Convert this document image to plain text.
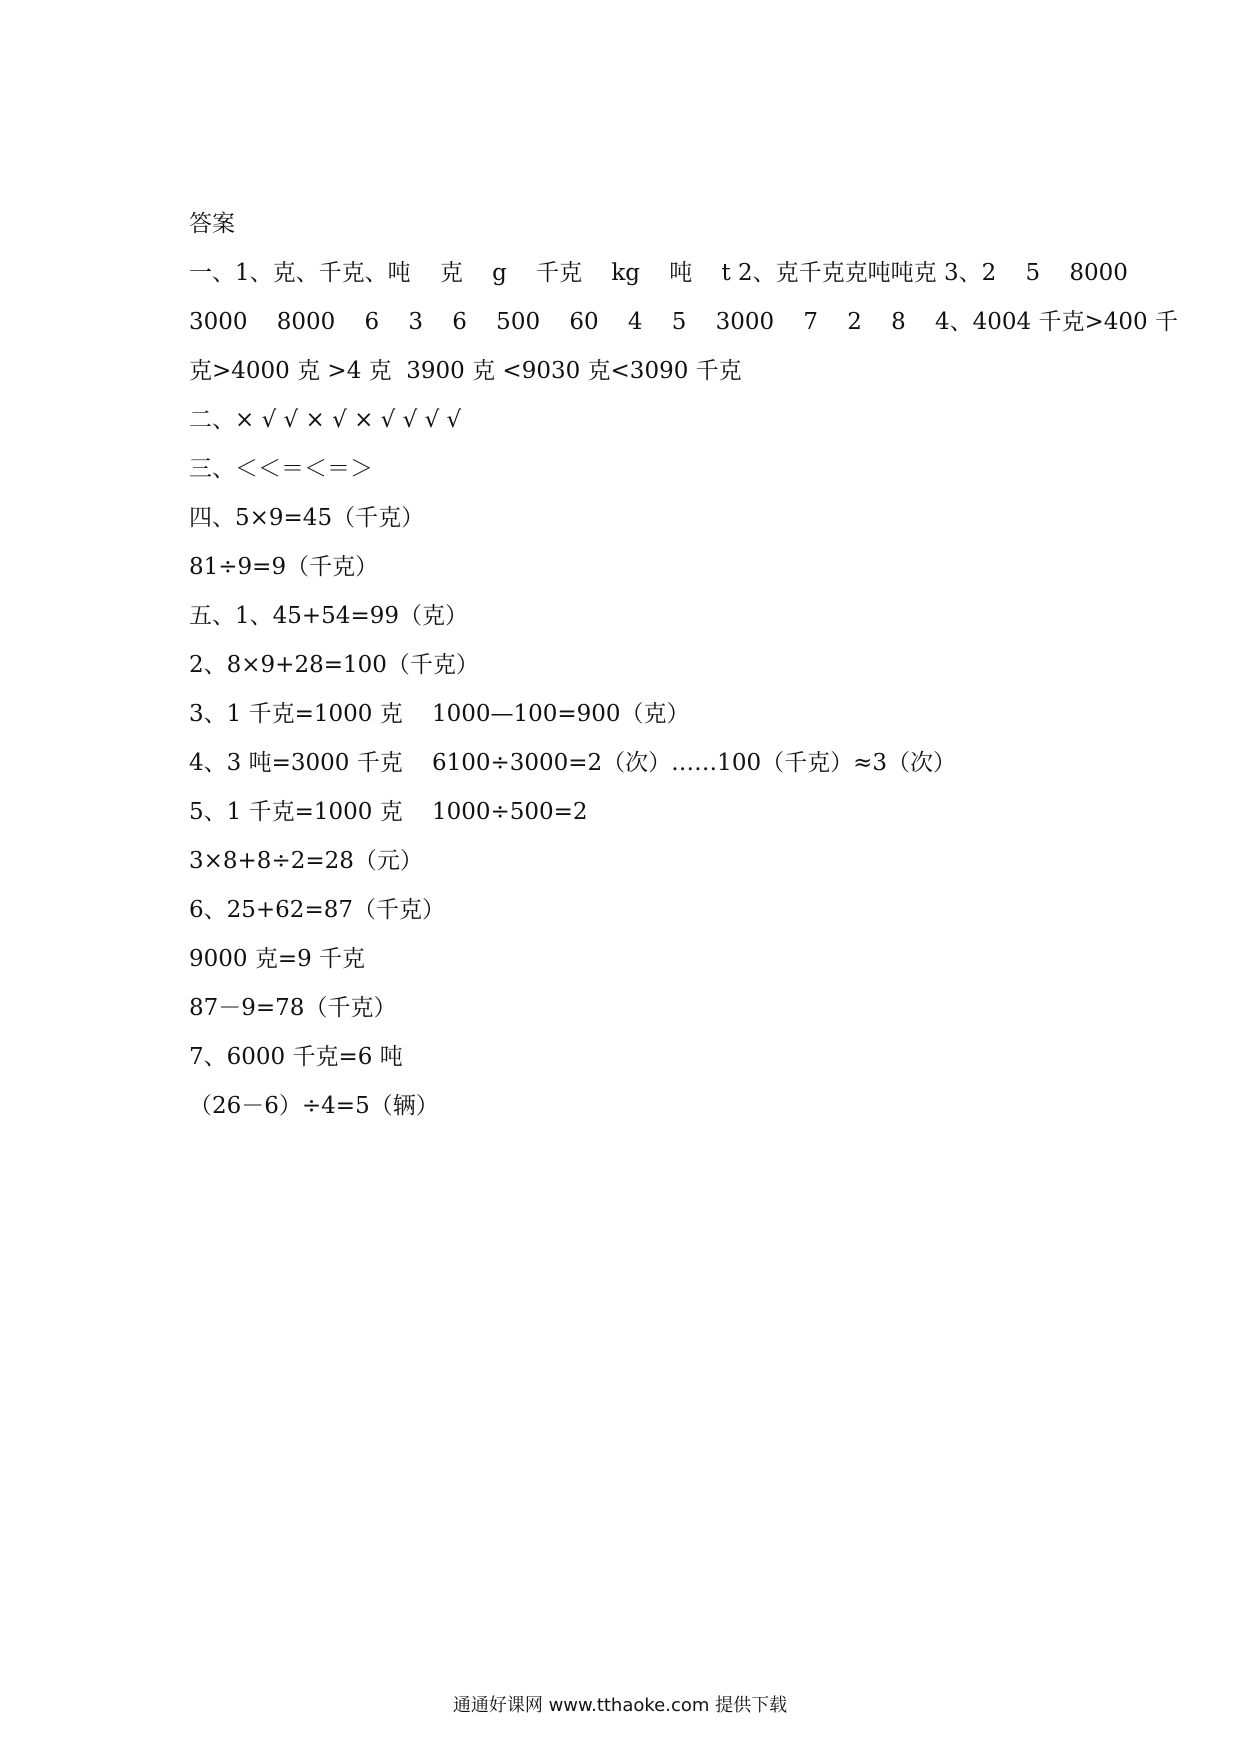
答案
一、1、克、千克、吨    克    g    千克    kg    吨    t 2、克千克克吨吨克 3、2    5    8000
3000    8000    6    3    6    500    60    4    5    3000    7    2    8    4、4004 千克>400 千
克>4000 克 >4 克  3900 克 <9030 克<3090 千克
二、× √ √ × √ × √ √ √ √
三、＜＜＝＜＝＞
四、5×9=45（千克）
81÷9=9（千克）
五、1、45+54=99（克）
2、8×9+28=100（千克）
3、1 千克=1000 克    1000—100=900（克）
4、3 吨=3000 千克    6100÷3000=2（次）……100（千克）≈3（次）
5、1 千克=1000 克    1000÷500=2
3×8+8÷2=28（元）
6、25+62=87（千克）
9000 克=9 千克
87－9=78（千克）
7、6000 千克=6 吨
（26－6）÷4=5（辆）
通通好课网 www.tthaoke.com 提供下载
